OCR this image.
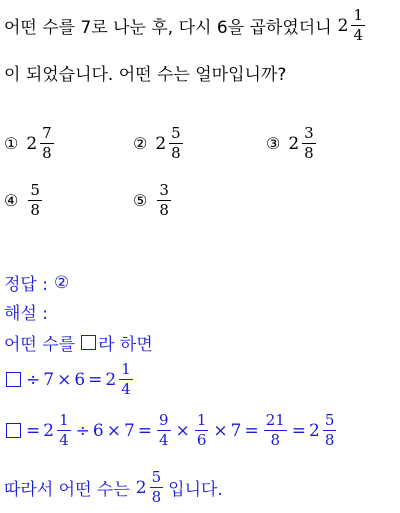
어떤 수를 7로 나눈 후, 다시 6을 곱하였더니 $2 \frac{1}{4}$
이 되었습니다. 어떤 수는 얼마입니까?
① $2 \frac{7}{8}$	② $2 \frac{5}{8}$	③ $2 \frac{3}{8}$
④ $\frac{5}{8}$	⑤ $\frac{3}{8}$
정답 : ②
해설 :
어떤 수를 라 하면
÷ $7 \times 6 = 2 \frac{1}{4}$
= $2 \frac{1}{4} \div 6 \times 7 = \frac{9}{4} \times \frac{1}{6} \times 7 = \frac{21}{8} = 2 \frac{5}{8}$
따라서 어떤 수는 $2 \frac{5}{8}$ 입니다.
